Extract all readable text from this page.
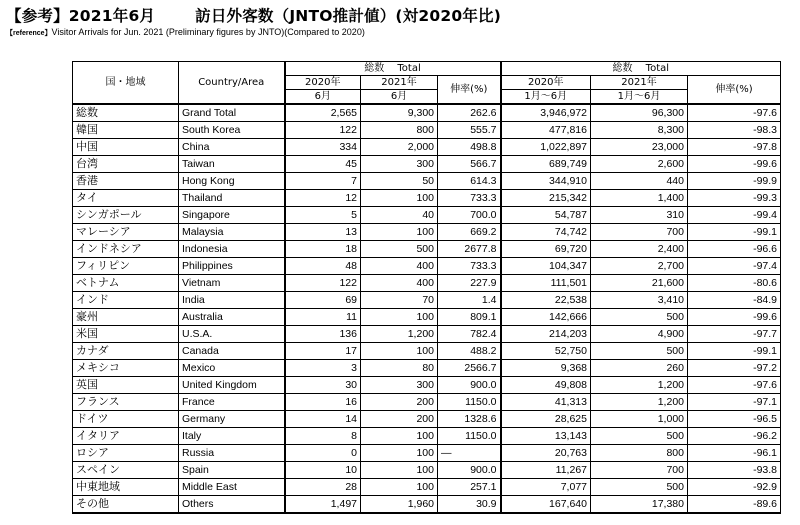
【参考】2021年6月	訪日外客数（JNTO推計値）(対2020年比)
【reference】Visitor Arrivals for Jun. 2021 (Preliminary figures by JNTO)(Compared to 2020)
国・地域	Country/Area	総数　 Total			総数　 Total		
		2020年	2021年	伸率(%)	2020年	2021年	伸率(%)
		6月	6月		1月～6月	1月～6月	
総数	Grand Total	2,565	9,300	262.6	3,946,972	96,300	-97.6
韓国	South Korea	122	800	555.7	477,816	8,300	-98.3
中国	China	334	2,000	498.8	1,022,897	23,000	-97.8
台湾	Taiwan	45	300	566.7	689,749	2,600	-99.6
香港	Hong Kong	7	50	614.3	344,910	440	-99.9
タイ	Thailand	12	100	733.3	215,342	1,400	-99.3
シンガポール	Singapore	5	40	700.0	54,787	310	-99.4
マレーシア	Malaysia	13	100	669.2	74,742	700	-99.1
インドネシア	Indonesia	18	500	2677.8	69,720	2,400	-96.6
フィリピン	Philippines	48	400	733.3	104,347	2,700	-97.4
ベトナム	Vietnam	122	400	227.9	111,501	21,600	-80.6
インド	India	69	70	1.4	22,538	3,410	-84.9
豪州	Australia	11	100	809.1	142,666	500	-99.6
米国	U.S.A.	136	1,200	782.4	214,203	4,900	-97.7
カナダ	Canada	17	100	488.2	52,750	500	-99.1
メキシコ	Mexico	3	80	2566.7	9,368	260	-97.2
英国	United Kingdom	30	300	900.0	49,808	1,200	-97.6
フランス	France	16	200	1150.0	41,313	1,200	-97.1
ドイツ	Germany	14	200	1328.6	28,625	1,000	-96.5
イタリア	Italy	8	100	1150.0	13,143	500	-96.2
ロシア	Russia	0	100	—	20,763	800	-96.1
スペイン	Spain	10	100	900.0	11,267	700	-93.8
中東地域	Middle East	28	100	257.1	7,077	500	-92.9
その他	Others	1,497	1,960	30.9	167,640	17,380	-89.6
